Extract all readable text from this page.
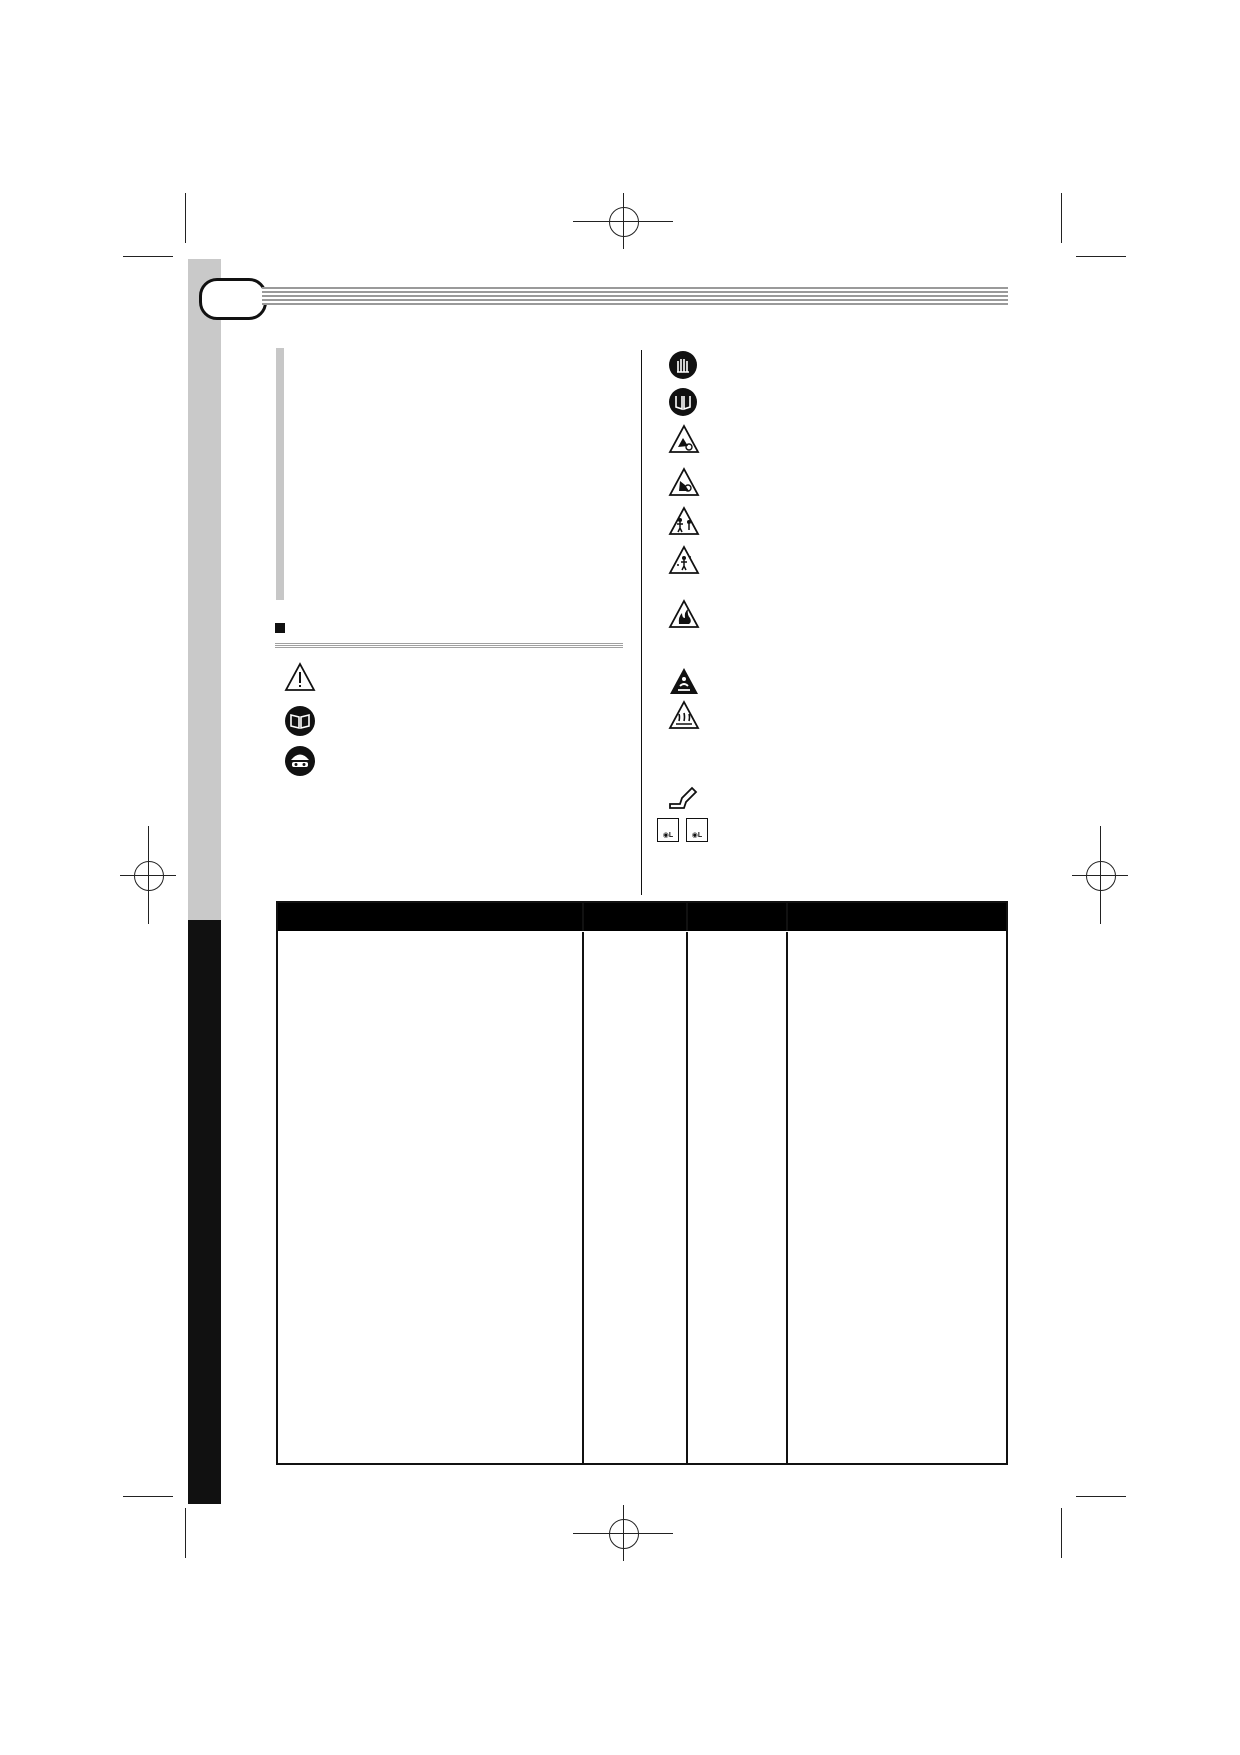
◉L	◉L
